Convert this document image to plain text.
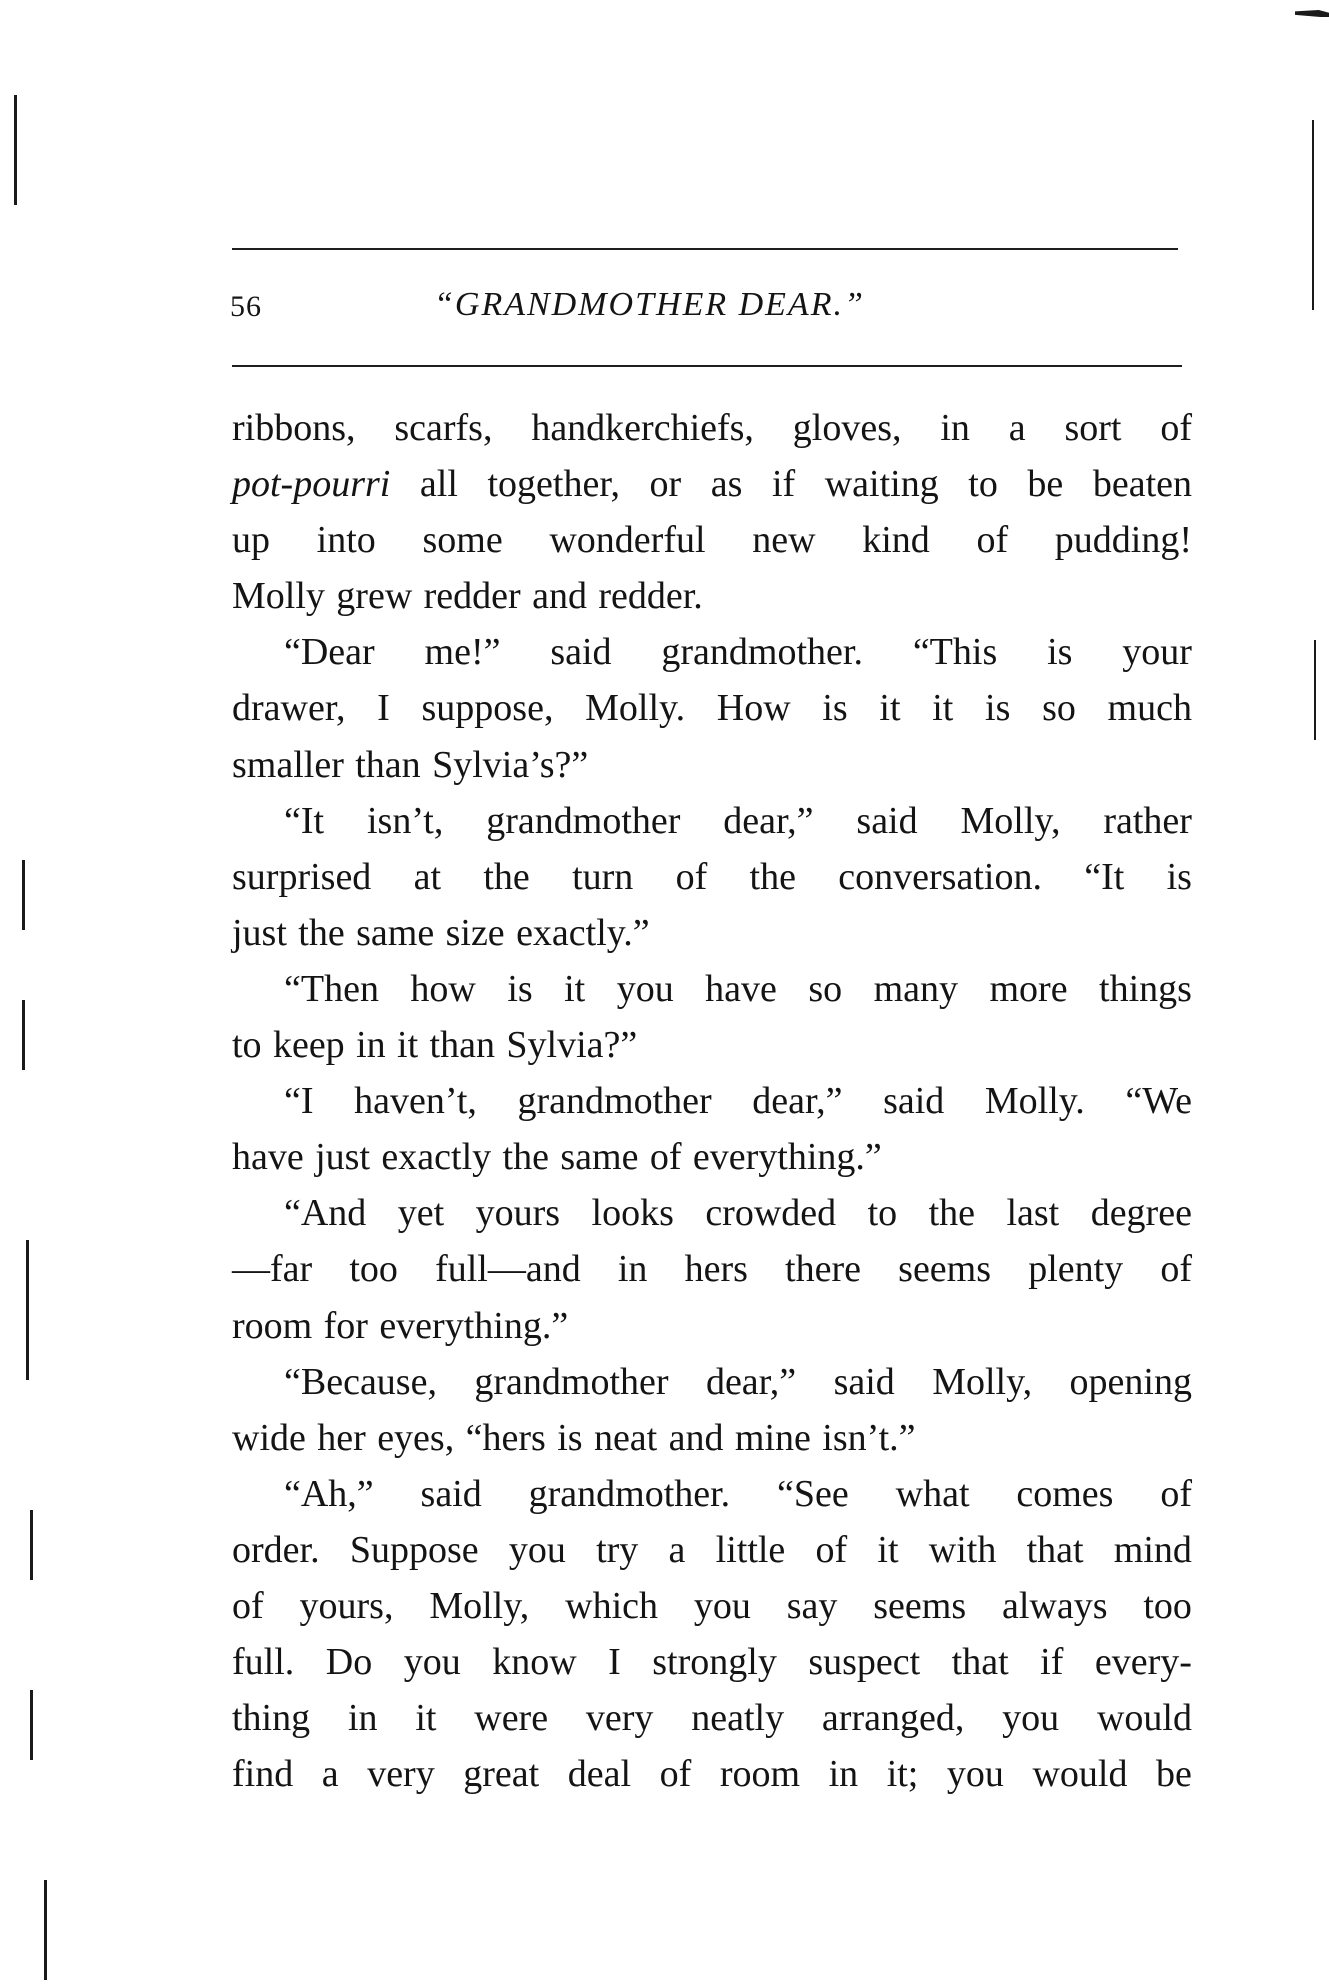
56	“GRANDMOTHER DEAR.”
ribbons, scarfs, handkerchiefs, gloves, in a sort of
pot-pourri all together, or as if waiting to be beaten
up into some wonderful new kind of pudding!
Molly grew redder and redder.
“Dear me!” said grandmother. “This is your
drawer, I suppose, Molly. How is it it is so much
smaller than Sylvia’s?”
“It isn’t, grandmother dear,” said Molly, rather
surprised at the turn of the conversation. “It is
just the same size exactly.”
“Then how is it you have so many more things
to keep in it than Sylvia?”
“I haven’t, grandmother dear,” said Molly. “We
have just exactly the same of everything.”
“And yet yours looks crowded to the last degree
—far too full—and in hers there seems plenty of
room for everything.”
“Because, grandmother dear,” said Molly, opening
wide her eyes, “hers is neat and mine isn’t.”
“Ah,” said grandmother. “See what comes of
order. Suppose you try a little of it with that mind
of yours, Molly, which you say seems always too
full. Do you know I strongly suspect that if every-
thing in it were very neatly arranged, you would
find a very great deal of room in it; you would be
